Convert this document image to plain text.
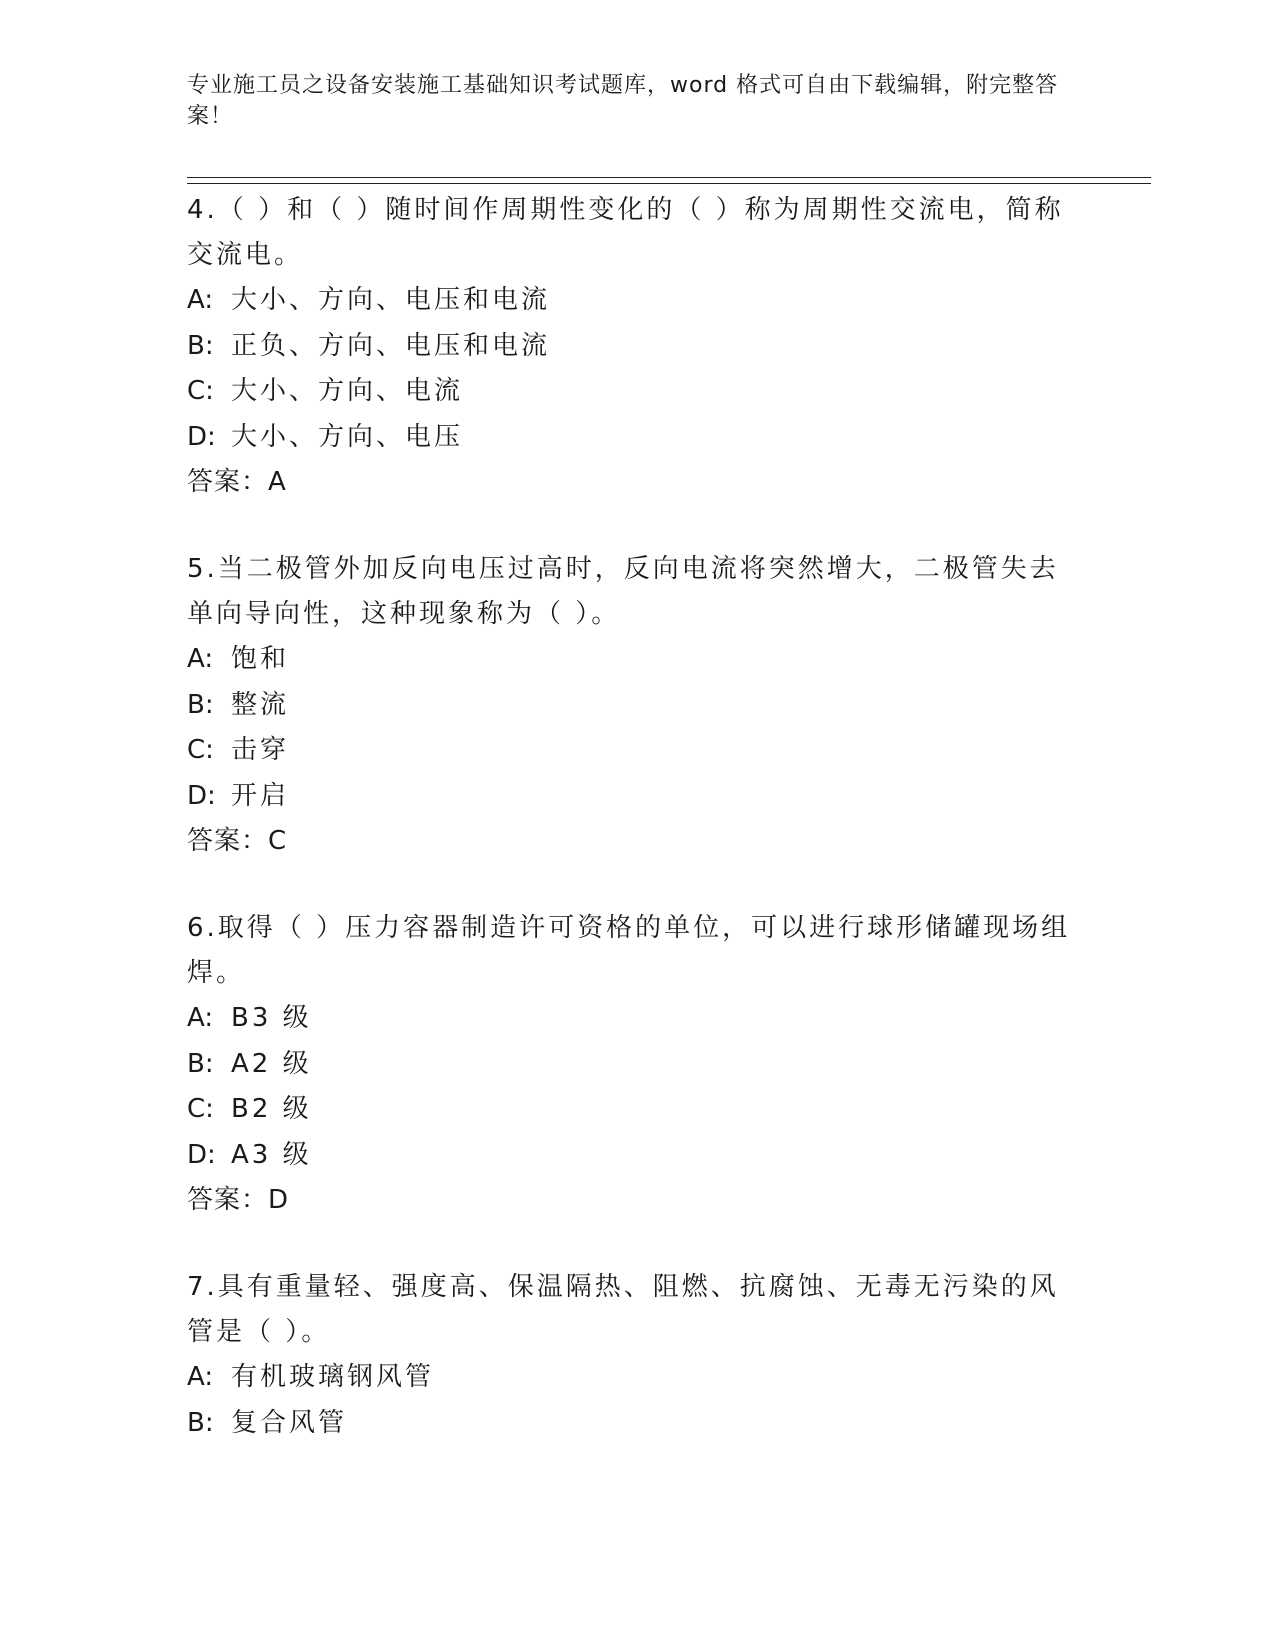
专业施工员之设备安装施工基础知识考试题库，word 格式可自由下载编辑，附完整答案！

4.（ ）和（ ）随时间作周期性变化的（ ）称为周期性交流电，简称交流电。

A: 大小、方向、电压和电流

B: 正负、方向、电压和电流

C: 大小、方向、电流

D: 大小、方向、电压

答案：A

5.当二极管外加反向电压过高时，反向电流将突然增大，二极管失去单向导向性，这种现象称为（ ）。

A: 饱和

B: 整流

C: 击穿

D: 开启

答案：C

6.取得（ ）压力容器制造许可资格的单位，可以进行球形储罐现场组焊。

A: B3 级

B: A2 级

C: B2 级

D: A3 级

答案：D

7.具有重量轻、强度高、保温隔热、阻燃、抗腐蚀、无毒无污染的风管是（ ）。

A: 有机玻璃钢风管

B: 复合风管
